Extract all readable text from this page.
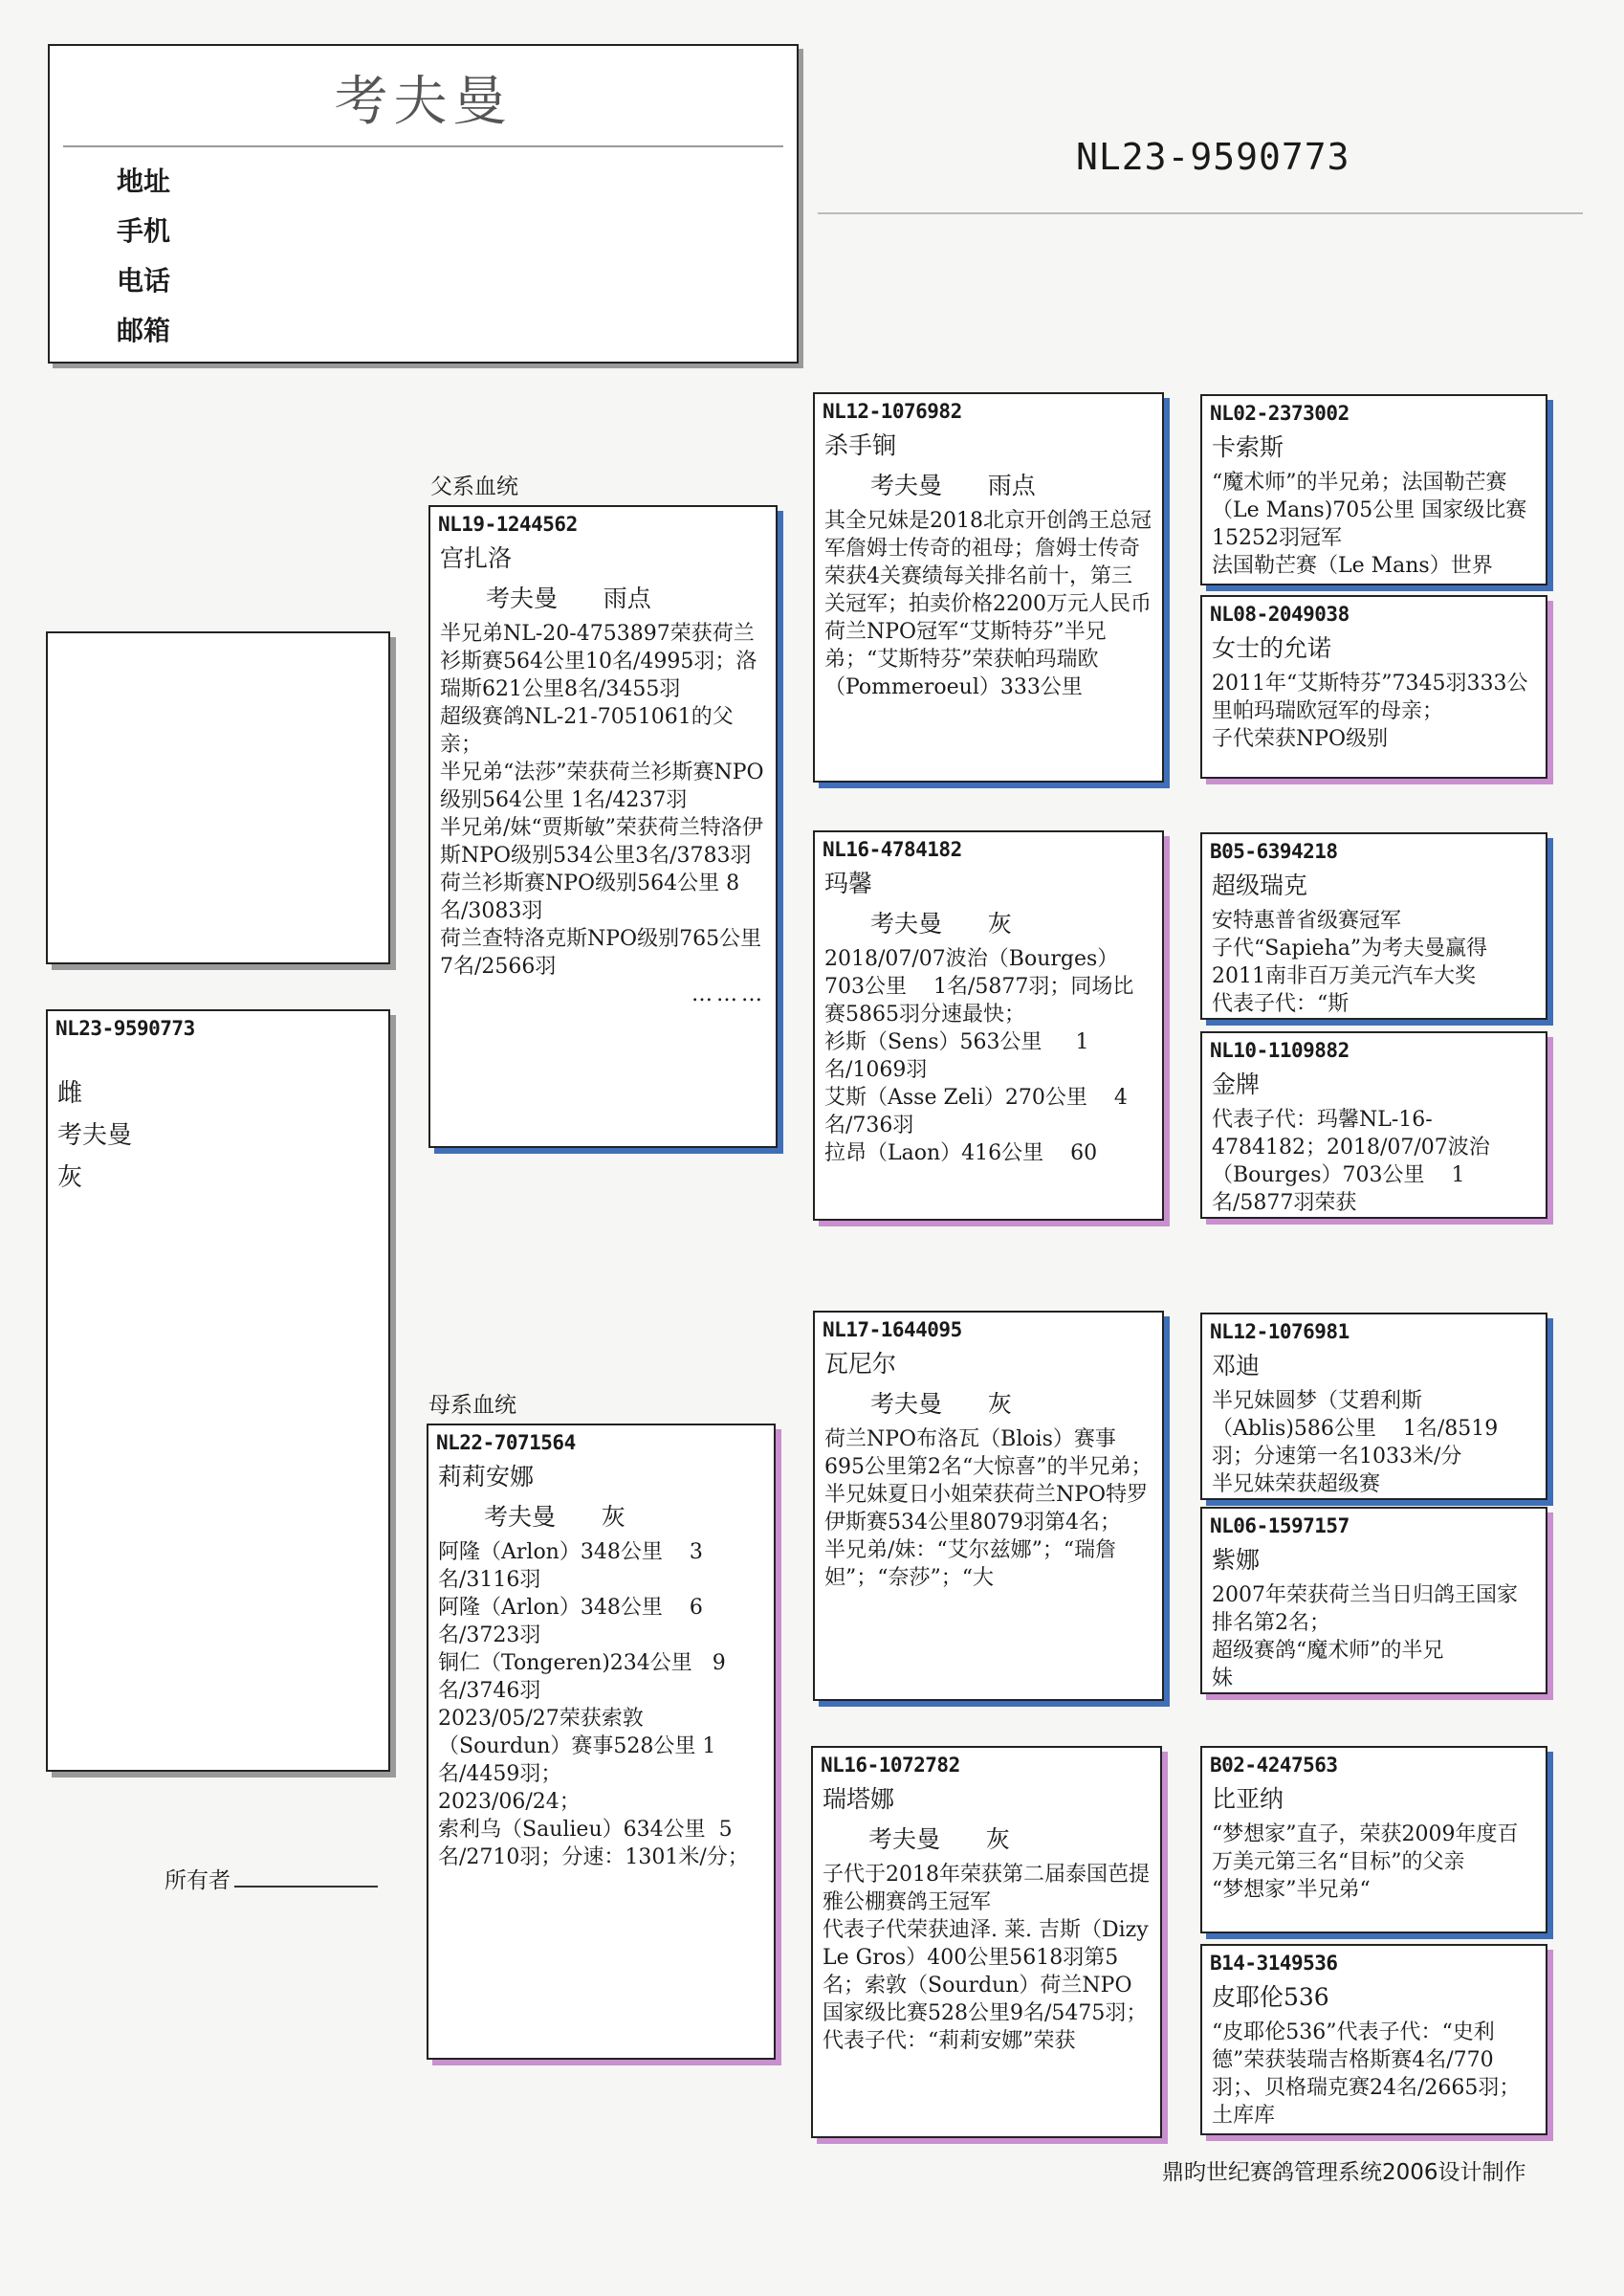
考夫曼
地址
手机
电话
邮箱
NL23-9590773
NL23-9590773
雌
考夫曼
灰
所有者
父系血统
母系血统
NL19-1244562
宫扎洛
考夫曼 雨点
半兄弟NL-20-4753897荣获荷兰衫斯赛564公里10名/4995羽；洛瑞斯621公里8名/3455羽
超级赛鸽NL-21-7051061的父亲；
半兄弟“法莎”荣获荷兰衫斯赛NPO级别564公里 1名/4237羽
半兄弟/妹“贾斯敏”荣获荷兰特洛伊斯NPO级别534公里3名/3783羽
荷兰衫斯赛NPO级别564公里 8名/3083羽
荷兰查特洛克斯NPO级别765公里7名/2566羽
………
NL22-7071564
莉莉安娜
考夫曼 灰
阿隆（Arlon）348公里    3名/3116羽
阿隆（Arlon）348公里    6名/3723羽
铜仁（Tongeren)234公里   9名/3746羽
2023/05/27荣获索敦（Sourdun）赛事528公里 1名/4459羽；
2023/06/24；
索利乌（Saulieu）634公里  5名/2710羽；分速：1301米/分；
NL12-1076982
杀手锏
考夫曼 雨点
其全兄妹是2018北京开创鸽王总冠军詹姆士传奇的祖母；詹姆士传奇荣获4关赛绩每关排名前十，第三关冠军；拍卖价格2200万元人民币
荷兰NPO冠军“艾斯特芬”半兄弟；“艾斯特芬”荣获帕玛瑞欧（Pommeroeul）333公里
NL16-4784182
玛馨
考夫曼 灰
2018/07/07波治（Bourges）703公里    1名/5877羽；同场比赛5865羽分速最快；
衫斯（Sens）563公里     1名/1069羽
艾斯（Asse Zeli）270公里    4名/736羽
拉昂（Laon）416公里    60
NL17-1644095
瓦尼尔
考夫曼 灰
荷兰NPO布洛瓦（Blois）赛事695公里第2名“大惊喜”的半兄弟；
半兄妹夏日小姐荣获荷兰NPO特罗伊斯赛534公里8079羽第4名；
半兄弟/妹：“艾尔兹娜”；“瑞詹妲”；“奈莎”；“大
NL16-1072782
瑞塔娜
考夫曼 灰
子代于2018年荣获第二届泰国芭提雅公棚赛鸽王冠军
代表子代荣获迪泽. 莱. 吉斯（Dizy Le Gros）400公里5618羽第5名；索敦（Sourdun）荷兰NPO国家级比赛528公里9名/5475羽；
代表子代：“莉莉安娜”荣获
NL02-2373002
卡索斯
“魔术师”的半兄弟；法国勒芒赛（Le Mans)705公里 国家级比赛15252羽冠军
法国勒芒赛（Le Mans）世界
NL08-2049038
女士的允诺
2011年“艾斯特芬”7345羽333公里帕玛瑞欧冠军的母亲；
子代荣获NPO级别
B05-6394218
超级瑞克
安特惠普省级赛冠军
子代“Sapieha”为考夫曼赢得2011南非百万美元汽车大奖
代表子代：“斯
NL10-1109882
金牌
代表子代：玛馨NL-16-4784182；2018/07/07波治（Bourges）703公里    1
名/5877羽荣获
NL12-1076981
邓迪
半兄妹圆梦（艾碧利斯（Ablis)586公里    1名/8519羽；分速第一名1033米/分
半兄妹荣获超级赛
NL06-1597157
紫娜
2007年荣获荷兰当日归鸽王国家排名第2名；
超级赛鸽“魔术师”的半兄
妹
B02-4247563
比亚纳
“梦想家”直子，荣获2009年度百万美元第三名“目标”的父亲
“梦想家”半兄弟“
B14-3149536
皮耶伦536
“皮耶伦536”代表子代：“史利德”荣获装瑞吉格斯赛4名/770羽；、贝格瑞克赛24名/2665羽；土库库
鼎昀世纪赛鸽管理系统2006设计制作
